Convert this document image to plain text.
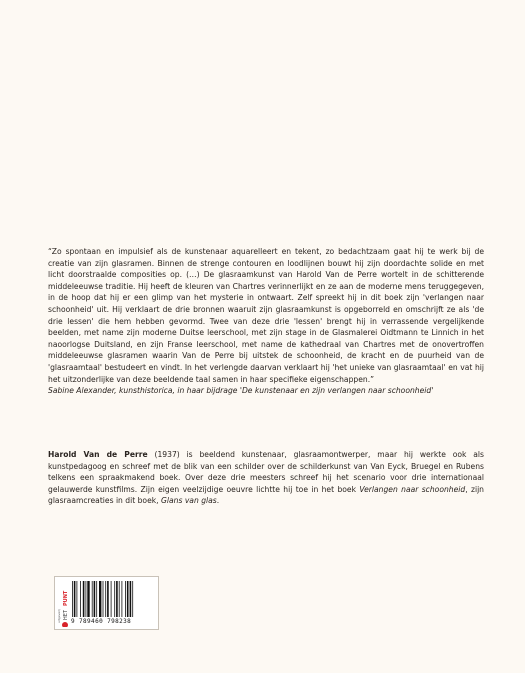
“Zo spontaan en impulsief als de kunstenaar aquarelleert en tekent, zo bedachtzaam gaat hij te werk bij de creatie van zijn glasramen. Binnen de strenge contouren en loodlijnen bouwt hij zijn doordachte solide en met licht doorstraalde composities op. (…) De glasraamkunst van Harold Van de Perre wortelt in de schitterende middeleeuwse traditie. Hij heeft de kleuren van Chartres verinnerlijkt en ze aan de moderne mens teruggegeven, in de hoop dat hij er een glimp van het mysterie in ontwaart. Zelf spreekt hij in dit boek zijn 'verlangen naar schoonheid' uit. Hij verklaart de drie bronnen waaruit zijn glasraamkunst is opgeborreld en omschrijft ze als 'de drie lessen' die hem hebben gevormd. Twee van deze drie 'lessen' brengt hij in verrassende vergelijkende beelden, met name zijn moderne Duitse leerschool, met zijn stage in de Glasmalerei Oidtmann te Linnich in het naoorlogse Duitsland, en zijn Franse leerschool, met name de kathedraal van Chartres met de onovertroffen middeleeuwse glasramen waarin Van de Perre bij uitstek de schoonheid, de kracht en de puurheid van de 'glasraamtaal' bestudeert en vindt. In het verlengde daarvan verklaart hij 'het unieke van glasraamtaal' en vat hij het uitzonderlijke van deze beeldende taal samen in haar specifieke eigenschappen.”

Sabine Alexander, kunsthistorica, in haar bijdrage 'De kunstenaar en zijn verlangen naar schoonheid'
Harold Van de Perre (1937) is beeldend kunstenaar, glasraamontwerper, maar hij werkte ook als kunstpedagoog en schreef met de blik van een schilder over de schilderkunst van Van Eyck, Bruegel en Rubens telkens een spraakmakend boek. Over deze drie meesters schreef hij het scenario voor drie internationaal gelauwerde kunstfilms. Zijn eigen veelzijdige oeuvre lichtte hij toe in het boek Verlangen naar schoonheid, zijn glasraamcreaties in dit boek, Glans van glas.
uitgeverij HET
PUNT
9 789460 798238
